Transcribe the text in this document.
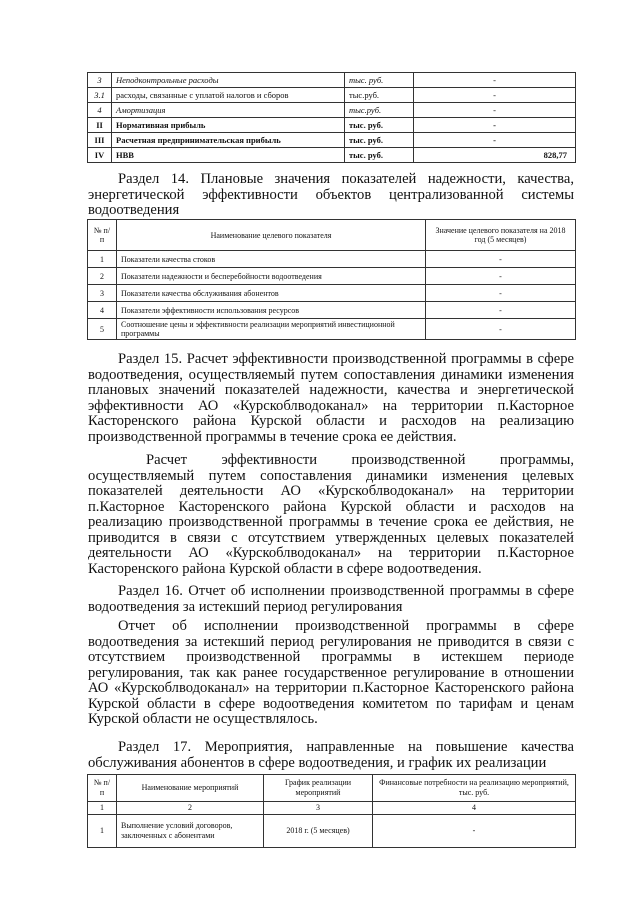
3	Неподконтрольные расходы	тыс. руб.	-
3.1	расходы, связанные с уплатой налогов и сборов	тыс.руб.	-
4	Амортизация	тыс.руб.	-
II	Нормативная прибыль	тыс. руб.	-
III	Расчетная предпринимательская прибыль	тыс. руб.	-
IV	НВВ	тыс. руб.	828,77

Раздел 14. Плановые значения показателей надежности, качества, энергетической эффективности объектов централизованной системы водоотведения

№ п/п	Наименование целевого показателя	Значение целевого показателя на 2018 год (5 месяцев)
1	Показатели качества стоков	-
2	Показатели надежности и бесперебойности водоотведения	-
3	Показатели качества обслуживания абонентов	-
4	Показатели эффективности использования ресурсов	-
5	Соотношение цены и эффективности реализации мероприятий инвестиционной программы	-

Раздел 15. Расчет эффективности производственной программы в сфере водоотведения, осуществляемый путем сопоставления динамики изменения плановых значений показателей надежности, качества и энергетической эффективности АО «Курскоблводоканал» на территории п.Касторное Касторенского района Курской области и расходов на реализацию производственной программы в течение срока ее действия.

Расчет эффективности производственной программы, осуществляемый путем сопоставления динамики изменения целевых показателей деятельности АО «Курскоблводоканал» на территории п.Касторное Касторенского района Курской области и расходов на реализацию производственной программы в течение срока ее действия, не приводится в связи с отсутствием утвержденных целевых показателей деятельности АО «Курскоблводоканал» на территории п.Касторное Касторенского района Курской области в сфере водоотведения.

Раздел 16. Отчет об исполнении производственной программы в сфере водоотведения за истекший период регулирования

Отчет об исполнении производственной программы в сфере водоотведения за истекший период регулирования не приводится в связи с отсутствием производственной программы в истекшем периоде регулирования, так как ранее государственное регулирование в отношении АО «Курскоблводоканал» на территории п.Касторное Касторенского района Курской области в сфере водоотведения комитетом по тарифам и ценам Курской области не осуществлялось.

Раздел 17. Мероприятия, направленные на повышение качества обслуживания абонентов в сфере водоотведения, и график их реализации

№ п/п	Наименование мероприятий	График реализации мероприятий	Финансовые потребности на реализацию мероприятий, тыс. руб.
1	2	3	4
1	Выполнение условий договоров, заключенных с абонентами	2018 г. (5 месяцев)	-
